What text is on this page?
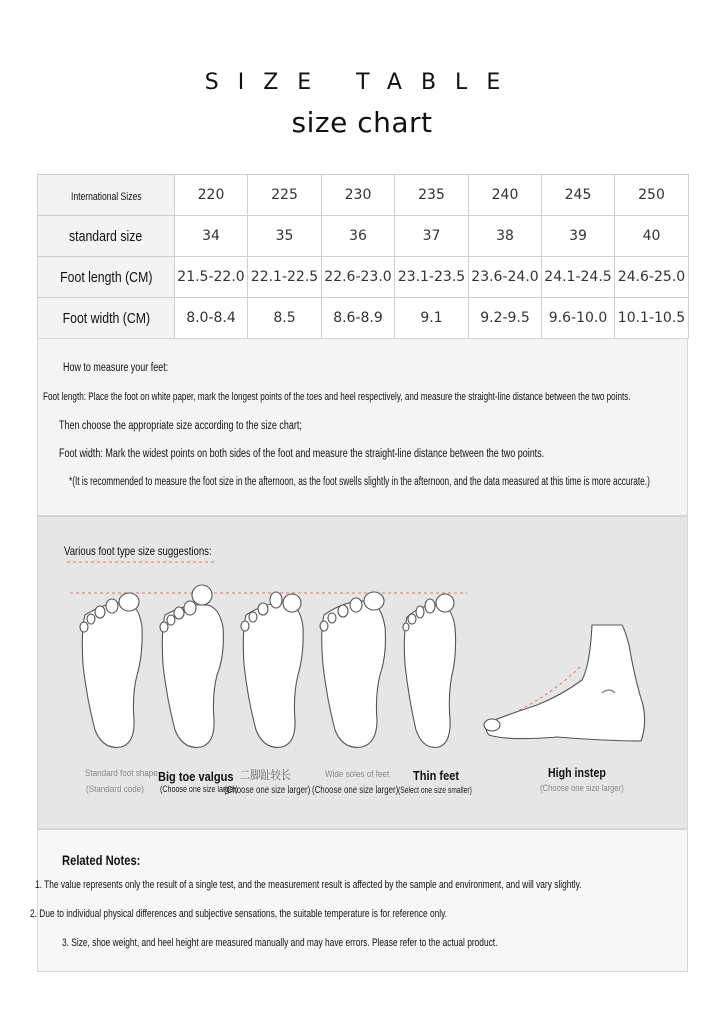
SIZE TABLE
size chart
International Sizes	220	225	230	235	240	245	250
standard size	34	35	36	37	38	39	40
Foot length (CM)	21.5-22.0	22.1-22.5	22.6-23.0	23.1-23.5	23.6-24.0	24.1-24.5	24.6-25.0
Foot width (CM)	8.0-8.4	8.5	8.6-8.9	9.1	9.2-9.5	9.6-10.0	10.1-10.5
How to measure your feet:
Foot length: Place the foot on white paper, mark the longest points of the toes and heel respectively, and measure the straight-line distance between the two points.
Then choose the appropriate size according to the size chart;
Foot width: Mark the widest points on both sides of the foot and measure the straight-line distance between the two points.
*(It is recommended to measure the foot size in the afternoon, as the foot swells slightly in the afternoon, and the data measured at this time is more accurate.)
Various foot type size suggestions:
Standard foot shape
(Standard code)
Big toe valgus
(Choose one size larger)
二脚趾较长
(Choose one size larger)
Wide soles of feet
(Choose one size larger)
Thin feet
(Select one size smaller)
High instep
(Choose one size larger)
Related Notes:
1. The value represents only the result of a single test, and the measurement result is affected by the sample and environment, and will vary slightly.
2. Due to individual physical differences and subjective sensations, the suitable temperature is for reference only.
3. Size, shoe weight, and heel height are measured manually and may have errors. Please refer to the actual product.
